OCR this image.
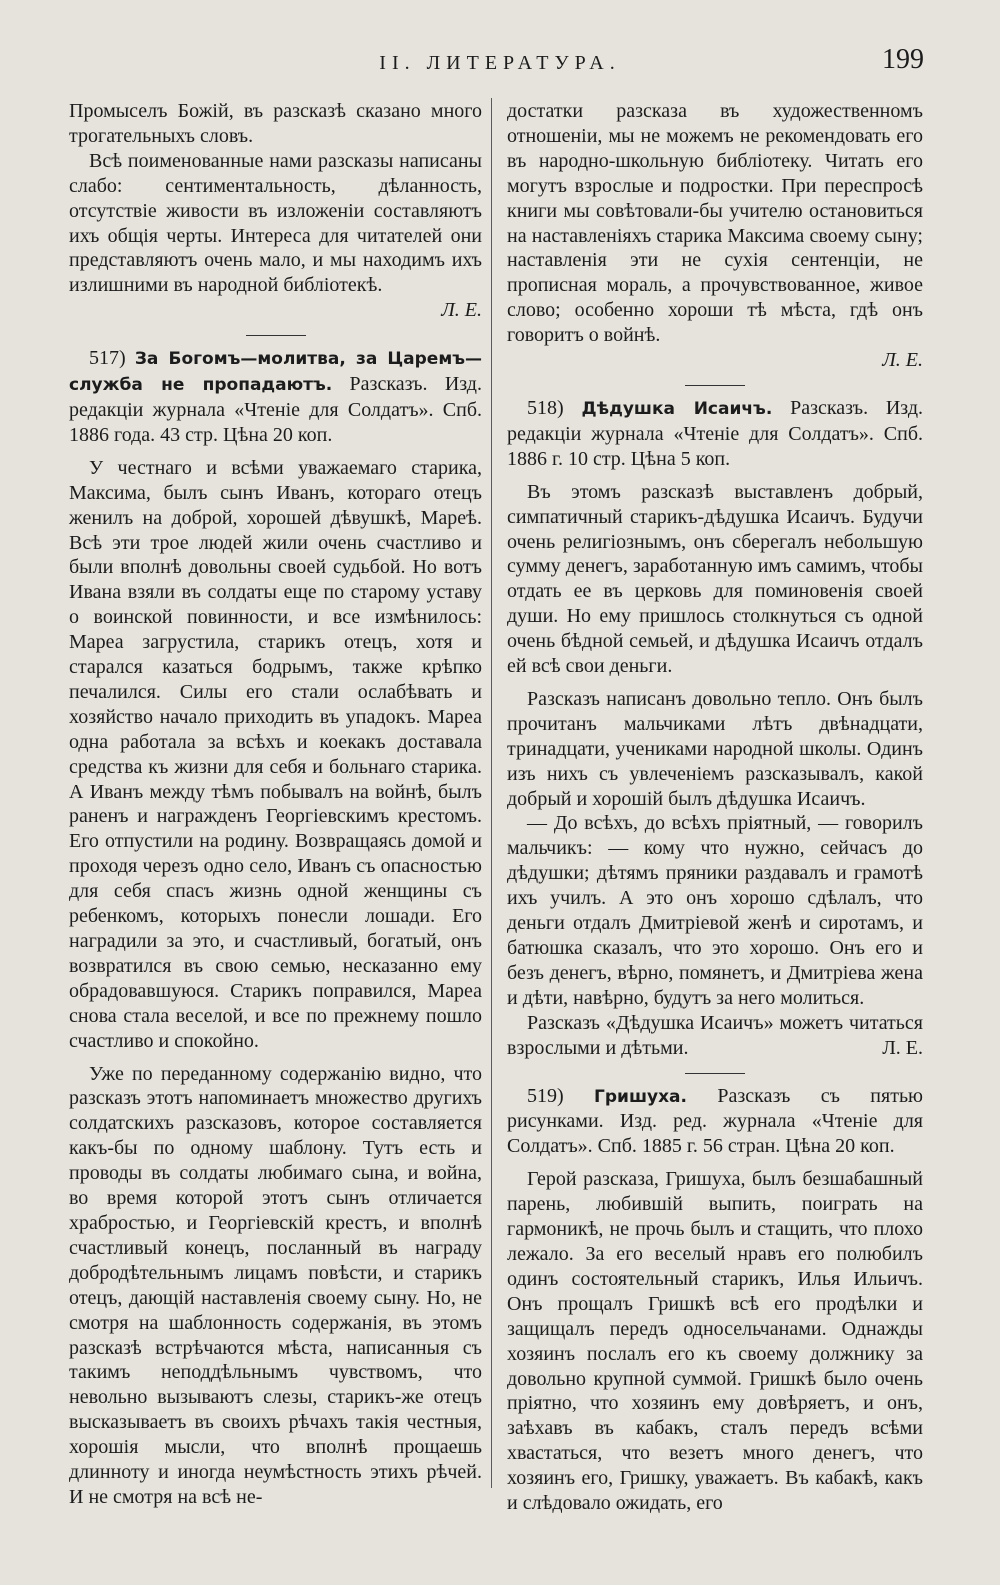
II. ЛИТЕРАТУРА.	199

Промыселъ Божій, въ разсказѣ сказано много трогательныхъ словъ.

Всѣ поименованные нами разсказы написаны слабо: сентиментальность, дѣланность, отсутствіе живости въ изложеніи составляютъ ихъ общія черты. Интереса для читателей они представляютъ очень мало, и мы находимъ ихъ излишними въ народной библіотекѣ.

Л. Е.

517) За Богомъ—молитва, за Царемъ—служба не пропадаютъ. Разсказъ. Изд. редакціи журнала «Чтеніе для Солдатъ». Спб. 1886 года. 43 стр. Цѣна 20 коп.

У честнаго и всѣми уважаемаго старика, Максима, былъ сынъ Иванъ, котораго отецъ женилъ на доброй, хорошей дѣвушкѣ, Мареѣ. Всѣ эти трое людей жили очень счастливо и были вполнѣ довольны своей судьбой. Но вотъ Ивана взяли въ солдаты еще по старому уставу о воинской повинности, и все измѣнилось: Мареа загрустила, старикъ отецъ, хотя и старался казаться бодрымъ, также крѣпко печалился. Силы его стали ослабѣвать и хозяйство начало приходить въ упадокъ. Мареа одна работала за всѣхъ и коекакъ доставала средства къ жизни для себя и больнаго старика. А Иванъ между тѣмъ побывалъ на войнѣ, былъ раненъ и награжденъ Георгіевскимъ крестомъ. Его отпустили на родину. Возвращаясь домой и проходя черезъ одно село, Иванъ съ опасностью для себя спасъ жизнь одной женщины съ ребенкомъ, которыхъ понесли лошади. Его наградили за это, и счастливый, богатый, онъ возвратился въ свою семью, несказанно ему обрадовавшуюся. Старикъ поправился, Мареа снова стала веселой, и все по прежнему пошло счастливо и спокойно.

Уже по переданному содержанію видно, что разсказъ этотъ напоминаетъ множество другихъ солдатскихъ разсказовъ, которое составляется какъ-бы по одному шаблону. Тутъ есть и проводы въ солдаты любимаго сына, и война, во время которой этотъ сынъ отличается храбростью, и Георгіевскій крестъ, и вполнѣ счастливый конецъ, посланный въ награду добродѣтельнымъ лицамъ повѣсти, и старикъ отецъ, дающій наставленія своему сыну. Но, не смотря на шаблонность содержанія, въ этомъ разсказѣ встрѣчаются мѣста, написанныя съ такимъ неподдѣльнымъ чувствомъ, что невольно вызываютъ слезы, старикъ-же отецъ высказываетъ въ своихъ рѣчахъ такія честныя, хорошія мысли, что вполнѣ прощаешь длинноту и иногда неумѣстность этихъ рѣчей. И не смотря на всѣ не-

достатки разсказа въ художественномъ отношеніи, мы не можемъ не рекомендовать его въ народно-школьную библіотеку. Читать его могутъ взрослые и подростки. При переспросѣ книги мы совѣтовали-бы учителю остановиться на наставленіяхъ старика Максима своему сыну; наставленія эти не сухія сентенціи, не прописная мораль, а прочувствованное, живое слово; особенно хороши тѣ мѣста, гдѣ онъ говоритъ о войнѣ.

Л. Е.

518) Дѣдушка Исаичъ. Разсказъ. Изд. редакціи журнала «Чтеніе для Солдатъ». Спб. 1886 г. 10 стр. Цѣна 5 коп.

Въ этомъ разсказѣ выставленъ добрый, симпатичный старикъ-дѣдушка Исаичъ. Будучи очень религіознымъ, онъ сберегалъ небольшую сумму денегъ, заработанную имъ самимъ, чтобы отдать ее въ церковь для поминовенія своей души. Но ему пришлось столкнуться съ одной очень бѣдной семьей, и дѣдушка Исаичъ отдалъ ей всѣ свои деньги.

Разсказъ написанъ довольно тепло. Онъ былъ прочитанъ мальчиками лѣтъ двѣнадцати, тринадцати, учениками народной школы. Одинъ изъ нихъ съ увлеченіемъ разсказывалъ, какой добрый и хорошій былъ дѣдушка Исаичъ.

— До всѣхъ, до всѣхъ пріятный, — говорилъ мальчикъ: — кому что нужно, сейчасъ до дѣдушки; дѣтямъ пряники раздавалъ и грамотѣ ихъ училъ. А это онъ хорошо сдѣлалъ, что деньги отдалъ Дмитріевой женѣ и сиротамъ, и батюшка сказалъ, что это хорошо. Онъ его и безъ денегъ, вѣрно, помянетъ, и Дмитріева жена и дѣти, навѣрно, будутъ за него молиться.

Разсказъ «Дѣдушка Исаичъ» можетъ читаться взрослыми и дѣтьми.	Л. Е.

519) Гришуха. Разсказъ съ пятью рисунками. Изд. ред. журнала «Чтеніе для Солдатъ». Спб. 1885 г. 56 стран. Цѣна 20 коп.

Герой разсказа, Гришуха, былъ безшабашный парень, любившій выпить, поиграть на гармоникѣ, не прочь былъ и стащить, что плохо лежало. За его веселый нравъ его полюбилъ одинъ состоятельный старикъ, Илья Ильичъ. Онъ прощалъ Гришкѣ всѣ его продѣлки и защищалъ передъ односельчанами. Однажды хозяинъ послалъ его къ своему должнику за довольно крупной суммой. Гришкѣ было очень пріятно, что хозяинъ ему довѣряетъ, и онъ, заѣхавъ въ кабакъ, сталъ передъ всѣми хвастаться, что везетъ много денегъ, что хозяинъ его, Гришку, уважаетъ. Въ кабакѣ, какъ и слѣдовало ожидать, его
